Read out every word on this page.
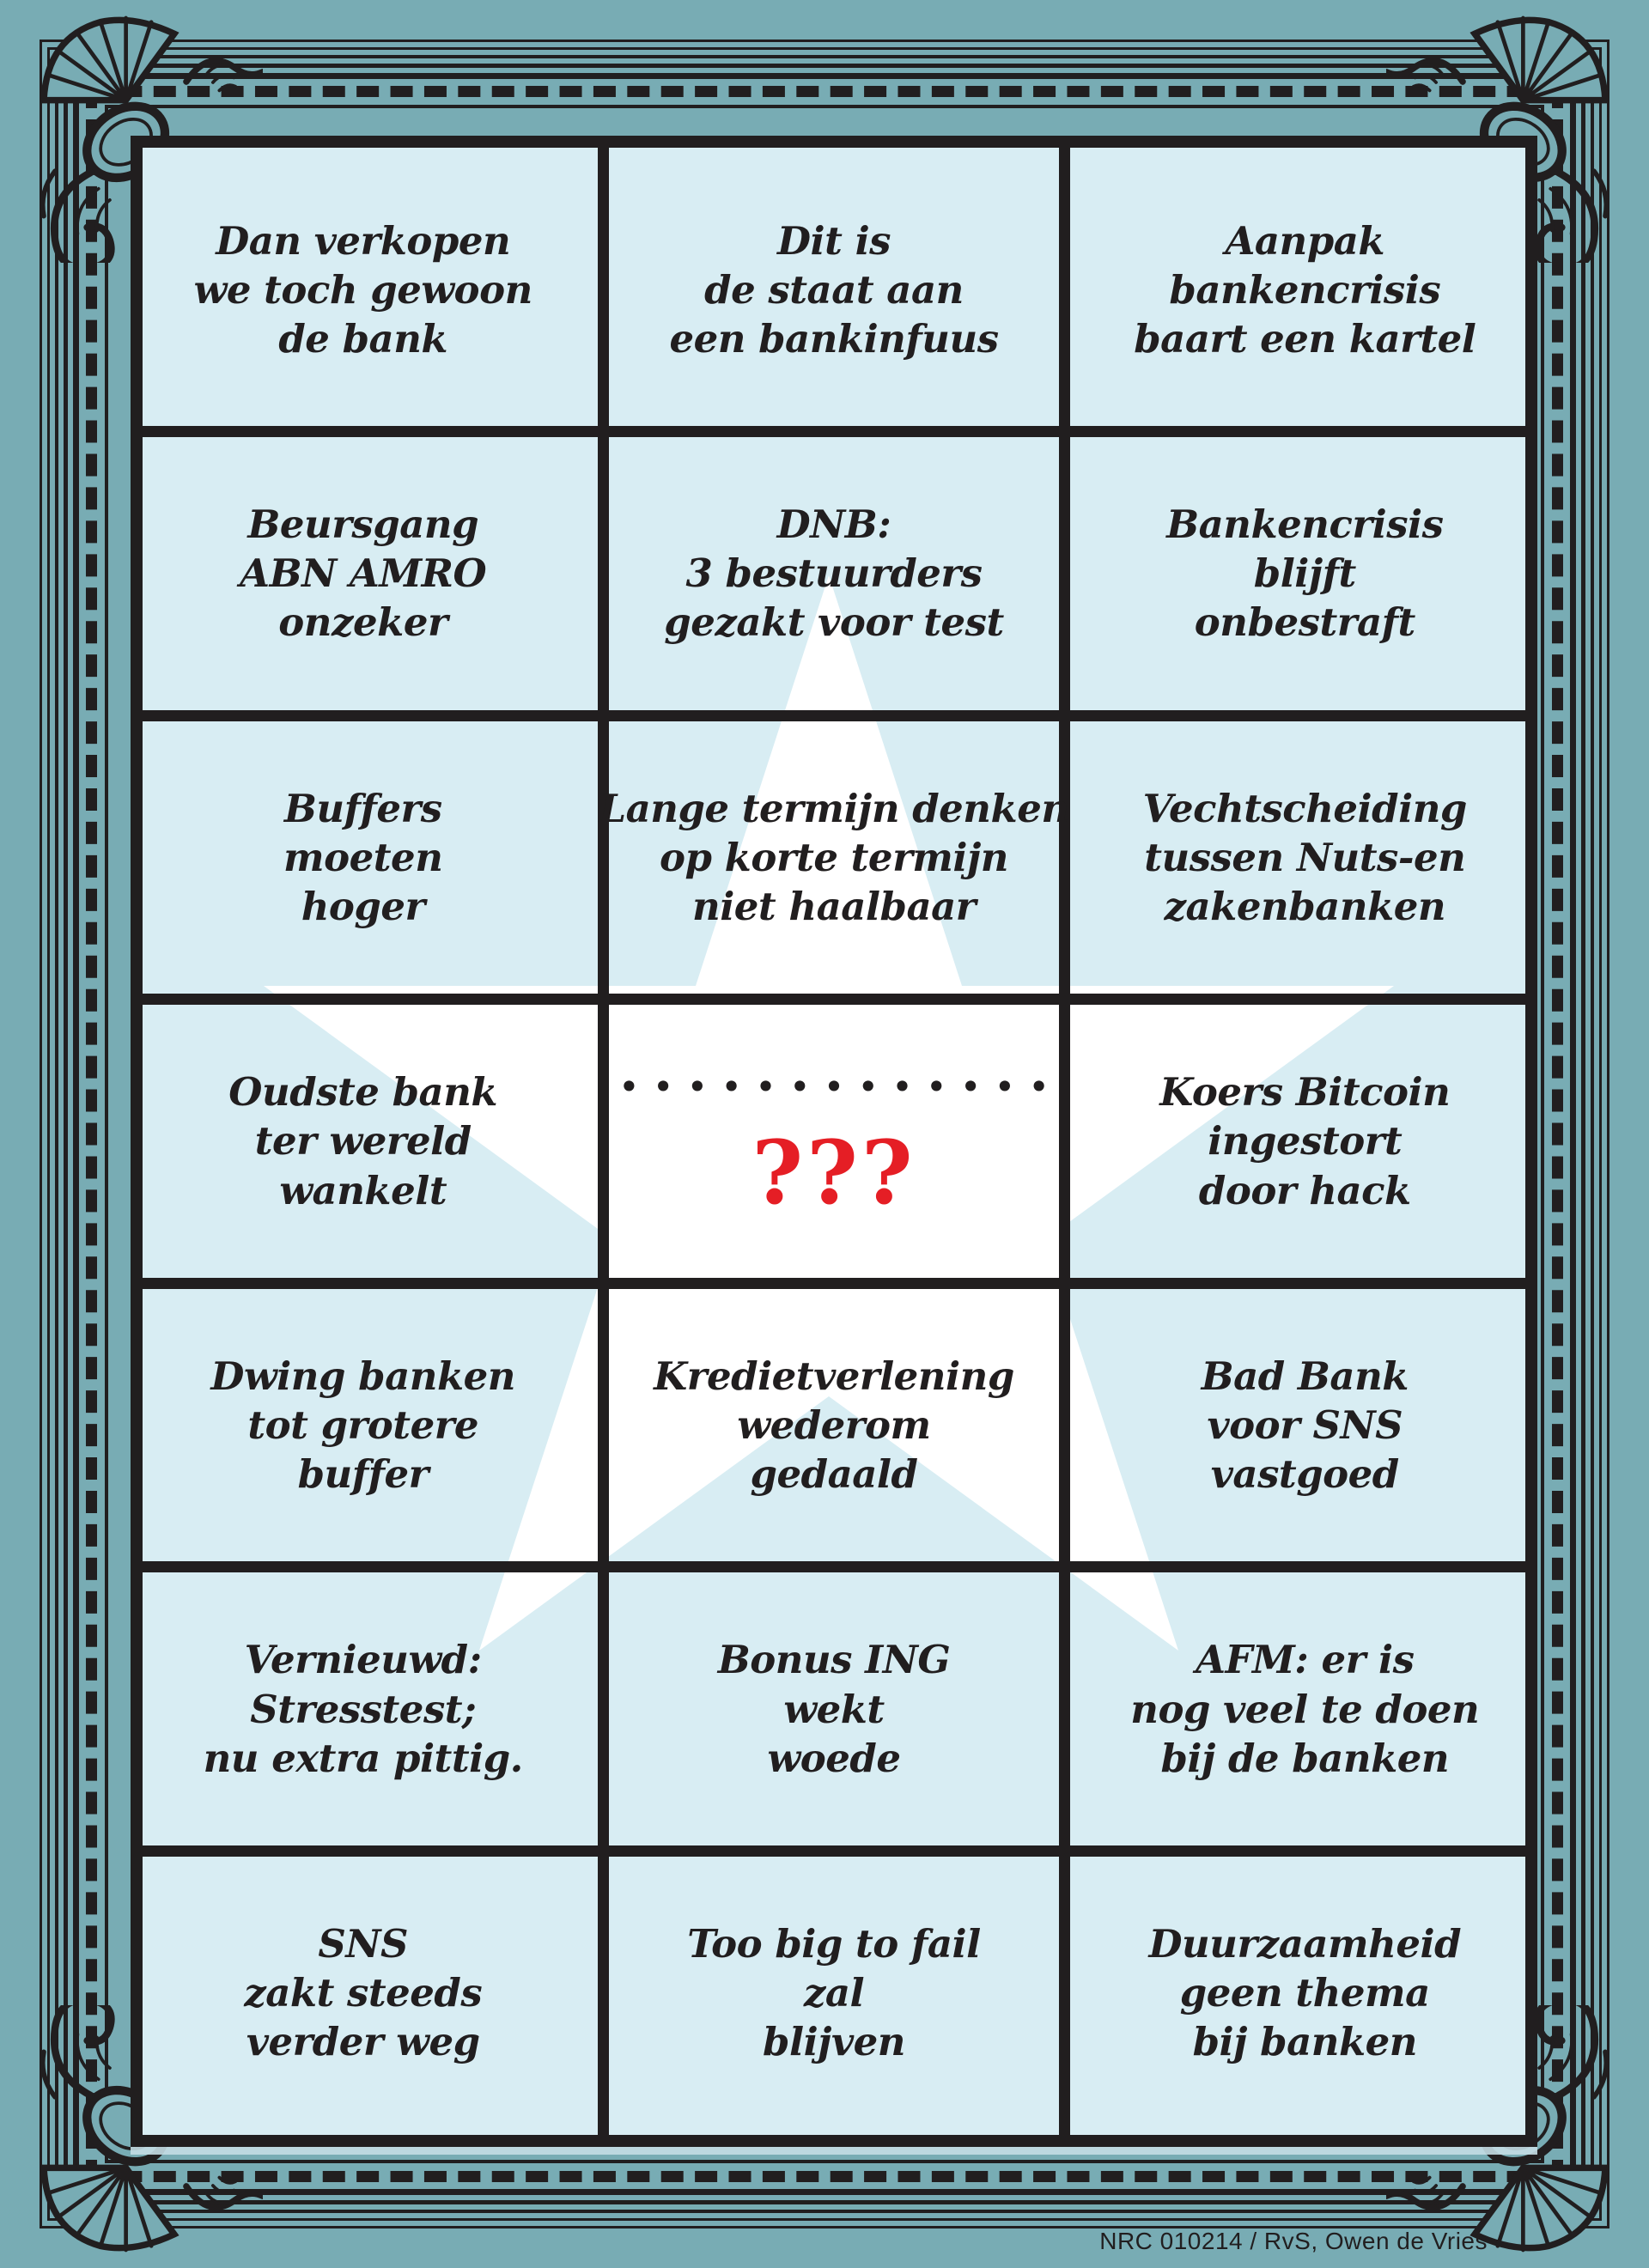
Dan verkopen
we toch gewoon
de bank
Dit is
de staat aan
een bankinfuus
Aanpak
bankencrisis
baart een kartel
Beursgang
ABN AMRO
onzeker
DNB:
3 bestuurders
gezakt voor test
Bankencrisis
blijft
onbestraft
Buffers
moeten
hoger
Lange termijn denken
op korte termijn
niet haalbaar
Vechtscheiding
tussen Nuts-en
zakenbanken
Oudste bank
ter wereld
wankelt
•••••••••••••
???
Koers Bitcoin
ingestort
door hack
Dwing banken
tot grotere
buffer
Kredietverlening
wederom
gedaald
Bad Bank
voor SNS
vastgoed
Vernieuwd:
Stresstest;
nu extra pittig.
Bonus ING
wekt
woede
AFM: er is
nog veel te doen
bij de banken
SNS
zakt steeds
verder weg
Too big to fail
zal
blijven
Duurzaamheid
geen thema
bij banken
NRC 010214 / RvS, Owen de Vries
